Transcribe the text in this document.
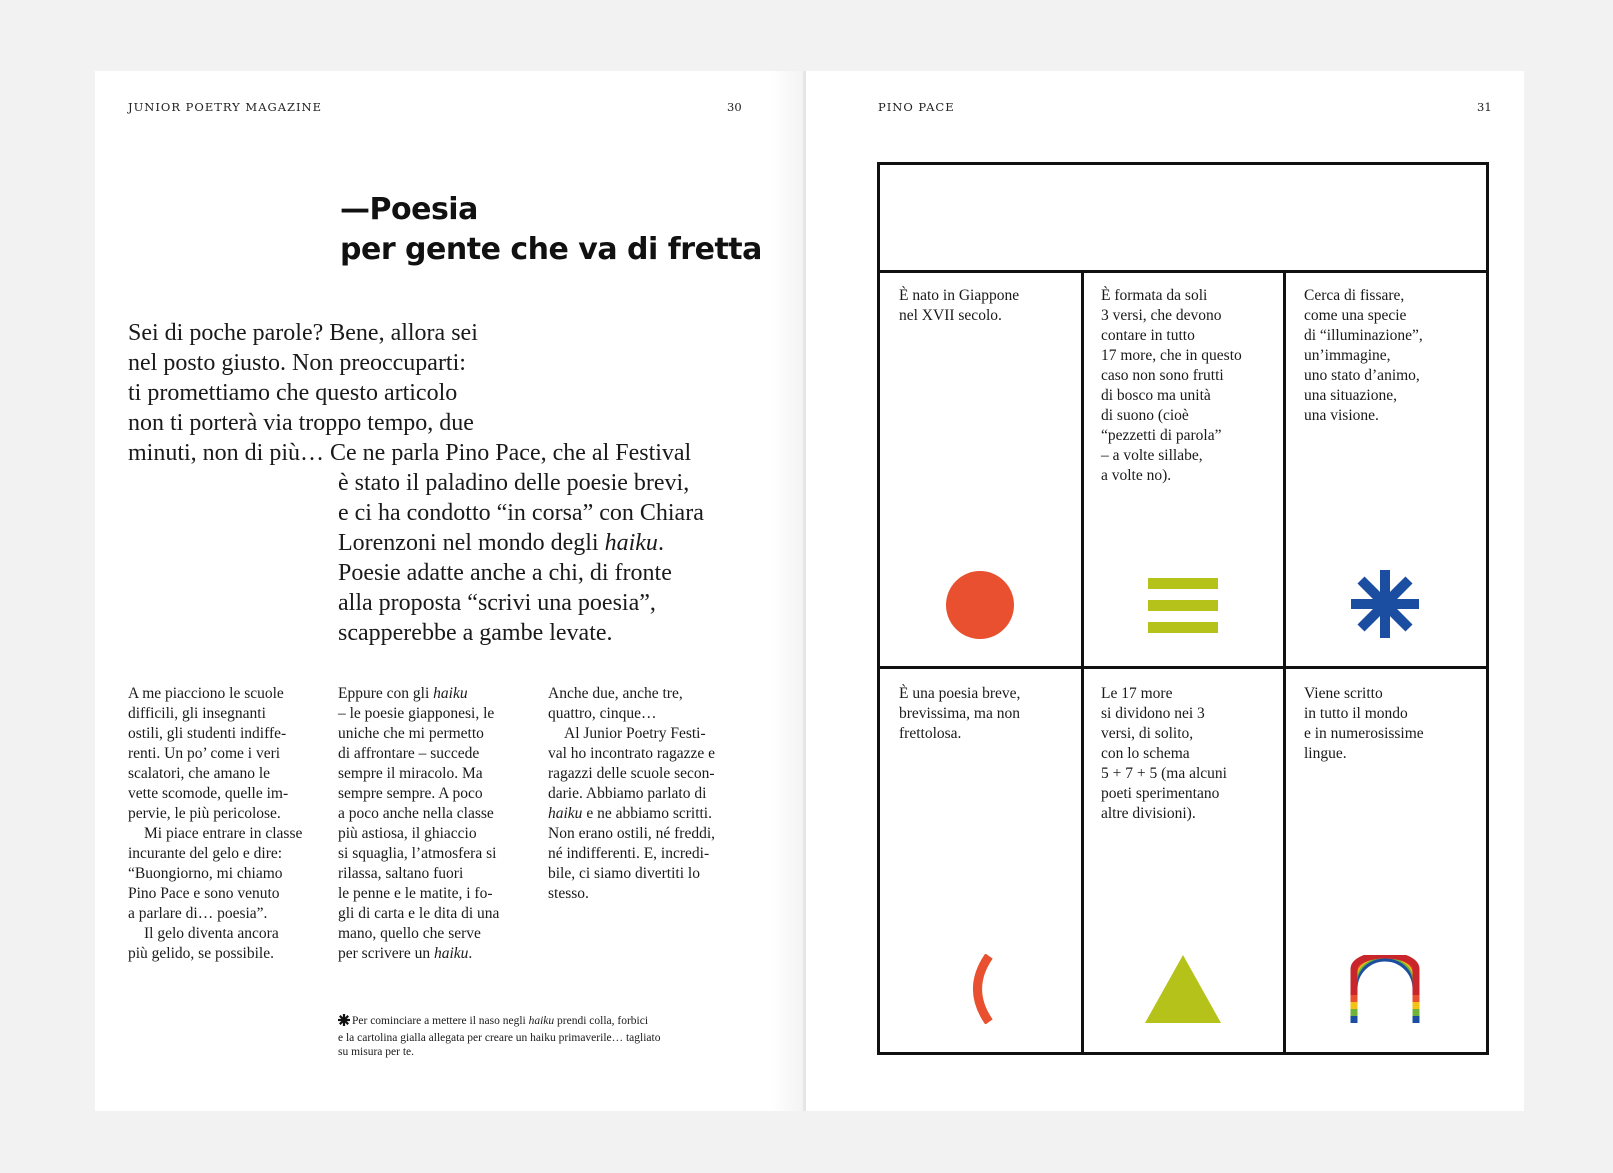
JUNIOR POETRY MAGAZINE	30
—Poesia
per gente che va di fretta
Sei di poche parole? Bene, allora sei
nel posto giusto. Non preoccuparti:
ti promettiamo che questo articolo
non ti porterà via troppo tempo, due
minuti, non di più… Ce ne parla Pino Pace, che al Festival
è stato il paladino delle poesie brevi,
e ci ha condotto “in corsa” con Chiara
Lorenzoni nel mondo degli haiku.
Poesie adatte anche a chi, di fronte
alla proposta “scrivi una poesia”,
scapperebbe a gambe levate.
A me piacciono le scuole
difficili, gli insegnanti
ostili, gli studenti indiffe-
renti. Un po’ come i veri
scalatori, che amano le
vette scomode, quelle im-
pervie, le più pericolose.
Mi piace entrare in classe
incurante del gelo e dire:
“Buongiorno, mi chiamo
Pino Pace e sono venuto
a parlare di… poesia”.
Il gelo diventa ancora
più gelido, se possibile.
Eppure con gli haiku
– le poesie giapponesi, le
uniche che mi permetto
di affrontare – succede
sempre il miracolo. Ma
sempre sempre. A poco
a poco anche nella classe
più astiosa, il ghiaccio
si squaglia, l’atmosfera si
rilassa, saltano fuori
le penne e le matite, i fo-
gli di carta e le dita di una
mano, quello che serve
per scrivere un haiku.
Anche due, anche tre,
quattro, cinque…
Al Junior Poetry Festi-
val ho incontrato ragazze e
ragazzi delle scuole secon-
darie. Abbiamo parlato di
haiku e ne abbiamo scritti.
Non erano ostili, né freddi,
né indifferenti. E, incredi-
bile, ci siamo divertiti lo
stesso.
Per cominciare a mettere il naso negli haiku prendi colla, forbici
e la cartolina gialla allegata per creare un haiku primaverile… tagliato
su misura per te.
PINO PACE	31
È nato in Giappone
nel XVII secolo.
È formata da soli
3 versi, che devono
contare in tutto
17 more, che in questo
caso non sono frutti
di bosco ma unità
di suono (cioè
“pezzetti di parola”
– a volte sillabe,
a volte no).
Cerca di fissare,
come una specie
di “illuminazione”,
un’immagine,
uno stato d’animo,
una situazione,
una visione.
È una poesia breve,
brevissima, ma non
frettolosa.
Le 17 more
si dividono nei 3
versi, di solito,
con lo schema
5 + 7 + 5 (ma alcuni
poeti sperimentano
altre divisioni).
Viene scritto
in tutto il mondo
e in numerosissime
lingue.
